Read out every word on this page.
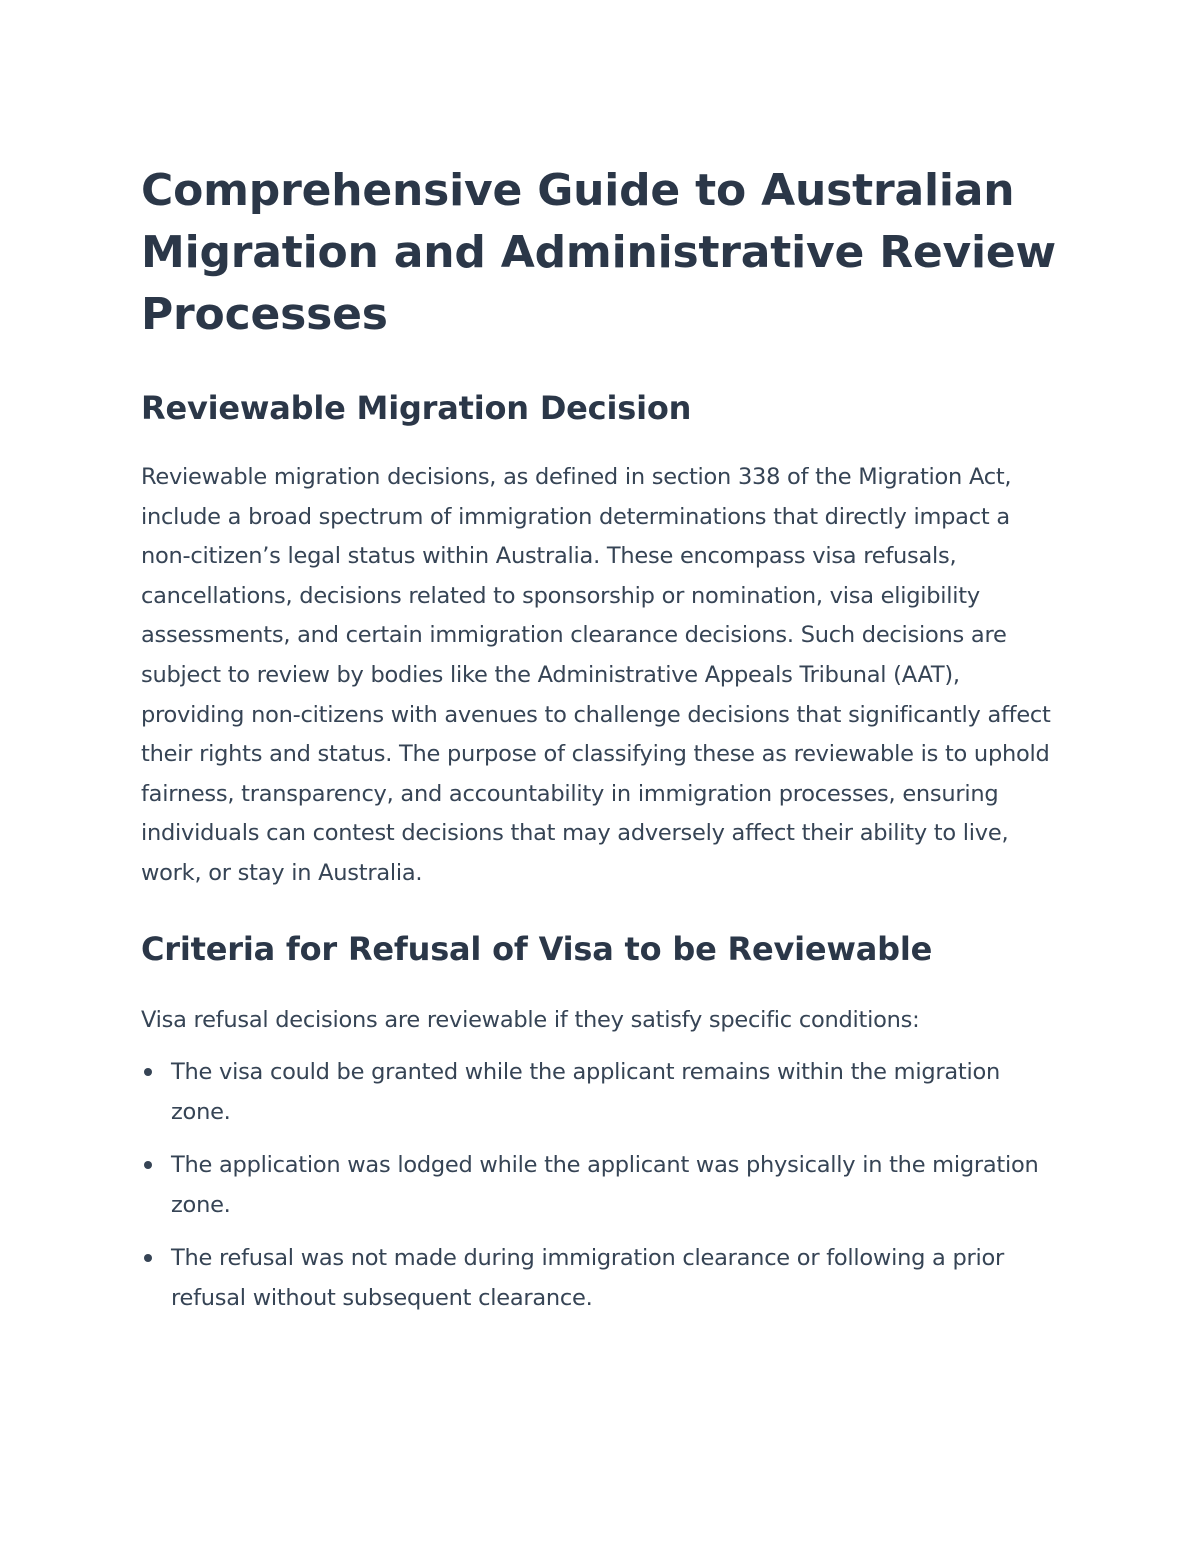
Comprehensive Guide to Australian Migration and Administrative Review Processes
Reviewable Migration Decision

Reviewable migration decisions, as defined in section 338 of the Migration Act, include a broad spectrum of immigration determinations that directly impact a non-citizen’s legal status within Australia. These encompass visa refusals, cancellations, decisions related to sponsorship or nomination, visa eligibility assessments, and certain immigration clearance decisions. Such decisions are subject to review by bodies like the Administrative Appeals Tribunal (AAT), providing non-citizens with avenues to challenge decisions that significantly affect their rights and status. The purpose of classifying these as reviewable is to uphold fairness, transparency, and accountability in immigration processes, ensuring individuals can contest decisions that may adversely affect their ability to live, work, or stay in Australia.

Criteria for Refusal of Visa to be Reviewable

Visa refusal decisions are reviewable if they satisfy specific conditions:

The visa could be granted while the applicant remains within the migration zone.
The application was lodged while the applicant was physically in the migration zone.
The refusal was not made during immigration clearance or following a prior refusal without subsequent clearance.
